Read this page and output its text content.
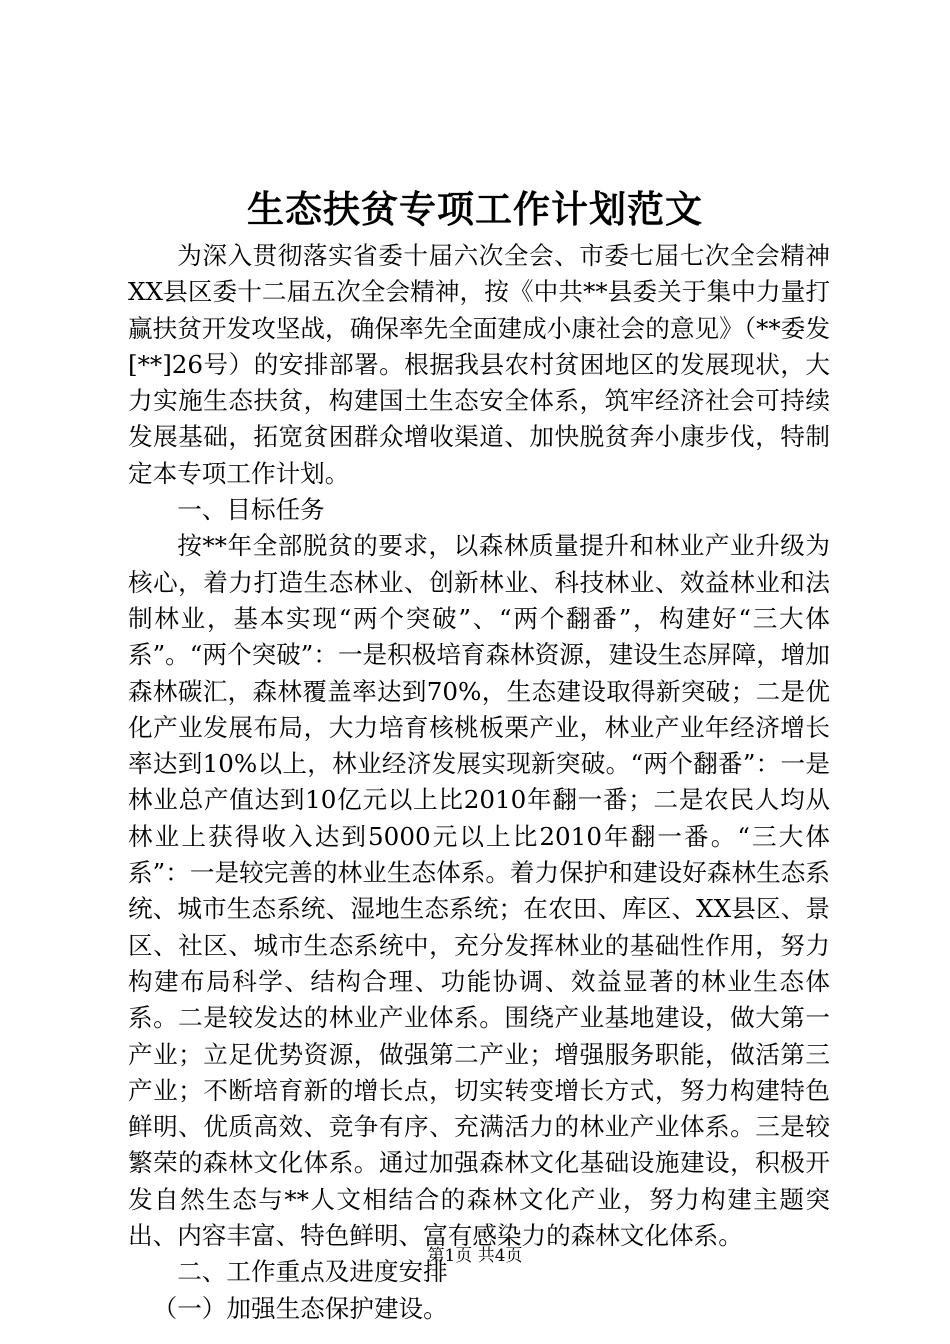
生态扶贫专项工作计划范文

为深入贯彻落实省委十届六次全会、市委七届七次全会精神XX县区委十二届五次全会精神，按《中共**县委关于集中力量打赢扶贫开发攻坚战，确保率先全面建成小康社会的意见》（**委发[**]26号）的安排部署。根据我县农村贫困地区的发展现状，大力实施生态扶贫，构建国土生态安全体系，筑牢经济社会可持续发展基础，拓宽贫困群众增收渠道、加快脱贫奔小康步伐，特制定本专项工作计划。

一、目标任务

按**年全部脱贫的要求，以森林质量提升和林业产业升级为核心，着力打造生态林业、创新林业、科技林业、效益林业和法制林业，基本实现“两个突破”、“两个翻番”，构建好“三大体系”。“两个突破”：一是积极培育森林资源，建设生态屏障，增加森林碳汇，森林覆盖率达到70%，生态建设取得新突破；二是优化产业发展布局，大力培育核桃板栗产业，林业产业年经济增长率达到10%以上，林业经济发展实现新突破。“两个翻番”：一是林业总产值达到10亿元以上比2010年翻一番；二是农民人均从林业上获得收入达到5000元以上比2010年翻一番。“三大体系”：一是较完善的林业生态体系。着力保护和建设好森林生态系统、城市生态系统、湿地生态系统；在农田、库区、XX县区、景区、社区、城市生态系统中，充分发挥林业的基础性作用，努力构建布局科学、结构合理、功能协调、效益显著的林业生态体系。二是较发达的林业产业体系。围绕产业基地建设，做大第一产业；立足优势资源，做强第二产业；增强服务职能，做活第三产业；不断培育新的增长点，切实转变增长方式，努力构建特色鲜明、优质高效、竞争有序、充满活力的林业产业体系。三是较繁荣的森林文化体系。通过加强森林文化基础设施建设，积极开发自然生态与**人文相结合的森林文化产业，努力构建主题突出、内容丰富、特色鲜明、富有感染力的森林文化体系。

二、工作重点及进度安排

（一）加强生态保护建设。

第1页 共4页
